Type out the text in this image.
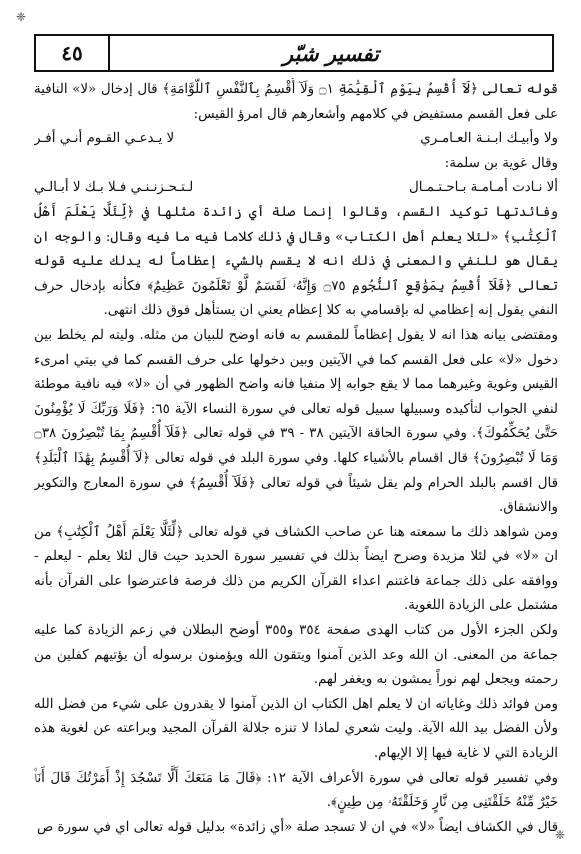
❈
٤٥	تفسير شبّر

قوله تعالى ﴿لَآ أُقْسِمُ بِيَوْمِ ٱلْقِيَٰمَةِ ۝١ وَلَآ أُقْسِمُ بِٱلنَّفْسِ ٱللَّوَّامَةِ﴾ قال إدخال «لا» النافية على فعل القسم مستفيض في كلامهم وأشعارهم قال امرؤ القيس:

ولا وأبيـك ابـنـة العـامـري
لا يـدعـي القـوم أنـي أفـر

وقال غوية بن سلمة:

ألا نـادت أمـامـة بـاحـتـمـال
لـتـحـزنـنـي فـلا بـك لا أبـالـي

وفائدتها توكيد القسم، وقالوا إنما صلة أي زائدة مثلها في ﴿لِّئَلَّا يَعْلَمَ أَهْلُ ٱلْكِتَٰبِ﴾ «لئلا يعلم أهل الكتاب» وقال في ذلك كلاما فيه ما فيه وقال: والوجه ان يقال هو للنفي والمعنى في ذلك انه لا يقسم بالشيء إعظاماً له يدلك عليه قوله تعالى ﴿فَلَآ أُقْسِمُ بِمَوَٰقِعِ ٱلنُّجُومِ ۝٧٥ وَإِنَّهُۥ لَقَسَمٌ لَّوْ تَعْلَمُونَ عَظِيمٌ﴾ فكأنه بإدخال حرف النفي يقول إنه إعظامي له بإقسامي به كلا إعظام يعني ان يستأهل فوق ذلك انتهى.

ومقتضى بيانه هذا انه لا يقول إعظاماً للمقسم به فانه اوضح للبيان من مثله. وليته لم يخلط بين دخول «لا» على فعل القسم كما في الآيتين وبين دخولها على حرف القسم كما في بيتي امرىء القيس وغوية وغيرهما مما لا يقع جوابه إلا منفيا فانه واضح الظهور في أن «لا» فيه نافية موطئة لنفي الجواب لتأكيده وسبيلها سبيل قوله تعالى في سورة النساء الآية ٦٥: ﴿فَلَا وَرَبِّكَ لَا يُؤْمِنُونَ حَتَّىٰ يُحَكِّمُوكَ﴾. وفي سورة الحاقة الآيتين ٣٨ - ٣٩ في قوله تعالى ﴿فَلَآ أُقْسِمُ بِمَا تُبْصِرُونَ ۝٣٨ وَمَا لَا تُبْصِرُونَ﴾ قال اقسام بالأشياء كلها. وفي سورة البلد في قوله تعالى ﴿لَآ أُقْسِمُ بِهَٰذَا ٱلْبَلَدِ﴾ قال اقسم بالبلد الحرام ولم يقل شيئاً في قوله تعالى ﴿فَلَآ أُقْسِمُ﴾ في سورة المعارج والتكوير والانشقاق.

ومن شواهد ذلك ما سمعته هنا عن صاحب الكشاف في قوله تعالى ﴿لِّئَلَّا يَعْلَمَ أَهْلُ ٱلْكِتَٰبِ﴾ من ان «لا» في لئلا مزيدة وصرح ايضاً بذلك في تفسير سورة الحديد حيث قال لئلا يعلم - ليعلم - ووافقه على ذلك جماعة فاغتنم اعداء القرآن الكريم من ذلك فرصة فاعترضوا على القرآن بأنه مشتمل على الزيادة اللغوية.

ولكن الجزء الأول من كتاب الهدى صفحة ٣٥٤ و٣٥٥ أوضح البطلان في زعم الزيادة كما عليه جماعة من المعنى. ان الله وعد الذين آمنوا ويتقون الله ويؤمنون برسوله أن يؤتيهم كفلين من رحمته ويجعل لهم نوراً يمشون به ويغفر لهم.

ومن فوائد ذلك وغاياته ان لا يعلم اهل الكتاب ان الذين آمنوا لا يقدرون على شيء من فضل الله ولأن الفضل بيد الله الآية. وليت شعري لماذا لا تنزه جلالة القرآن المجيد وبراعته عن لغوية هذه الزيادة التي لا غاية فيها إلا الإيهام.

وفي تفسير قوله تعالى في سورة الأعراف الآية ١٢: ﴿قَالَ مَا مَنَعَكَ أَلَّا تَسْجُدَ إِذْ أَمَرْتُكَ قَالَ أَنَا۠ خَيْرٌ مِّنْهُ خَلَقْتَنِى مِن نَّارٍ وَخَلَقْتَهُۥ مِن طِينٍ﴾.

قال في الكشاف ايضاً «لا» في ان لا تسجد صلة «أي زائدة» بدليل قوله تعالى اي في سورة ص

❈
